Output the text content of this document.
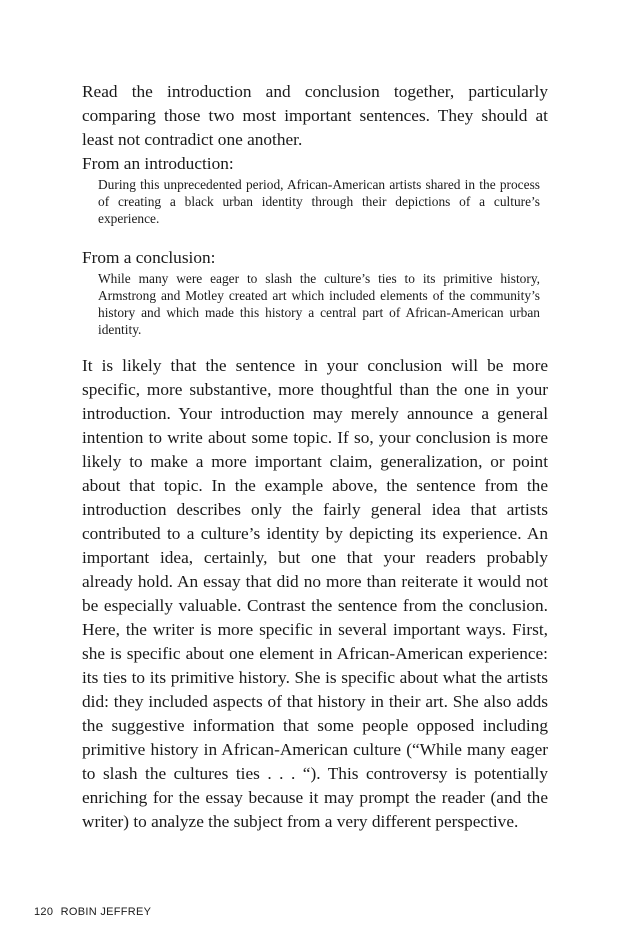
Read the introduction and conclusion together, particularly comparing those two most important sentences. They should at least not contradict one another.

From an introduction:

During this unprecedented period, African-American artists shared in the process of creating a black urban identity through their depictions of a culture’s experience.

From a conclusion:

While many were eager to slash the culture’s ties to its primitive history, Armstrong and Motley created art which included elements of the community’s history and which made this history a central part of African-American urban identity.

It is likely that the sentence in your conclusion will be more specific, more substantive, more thoughtful than the one in your introduction. Your introduction may merely announce a general intention to write about some topic. If so, your conclusion is more likely to make a more important claim, generalization, or point about that topic. In the example above, the sentence from the introduction describes only the fairly general idea that artists contributed to a culture’s identity by depicting its experience. An important idea, certainly, but one that your readers probably already hold. An essay that did no more than reiterate it would not be especially valuable. Contrast the sentence from the conclusion. Here, the writer is more specific in several important ways. First, she is specific about one element in African-American experience: its ties to its primitive history. She is specific about what the artists did: they included aspects of that history in their art. She also adds the suggestive information that some people opposed including primitive history in African-American culture (“While many eager to slash the cultures ties . . . “). This controversy is potentially enriching for the essay because it may prompt the reader (and the writer) to analyze the subject from a very different perspective.

120 ROBIN JEFFREY
